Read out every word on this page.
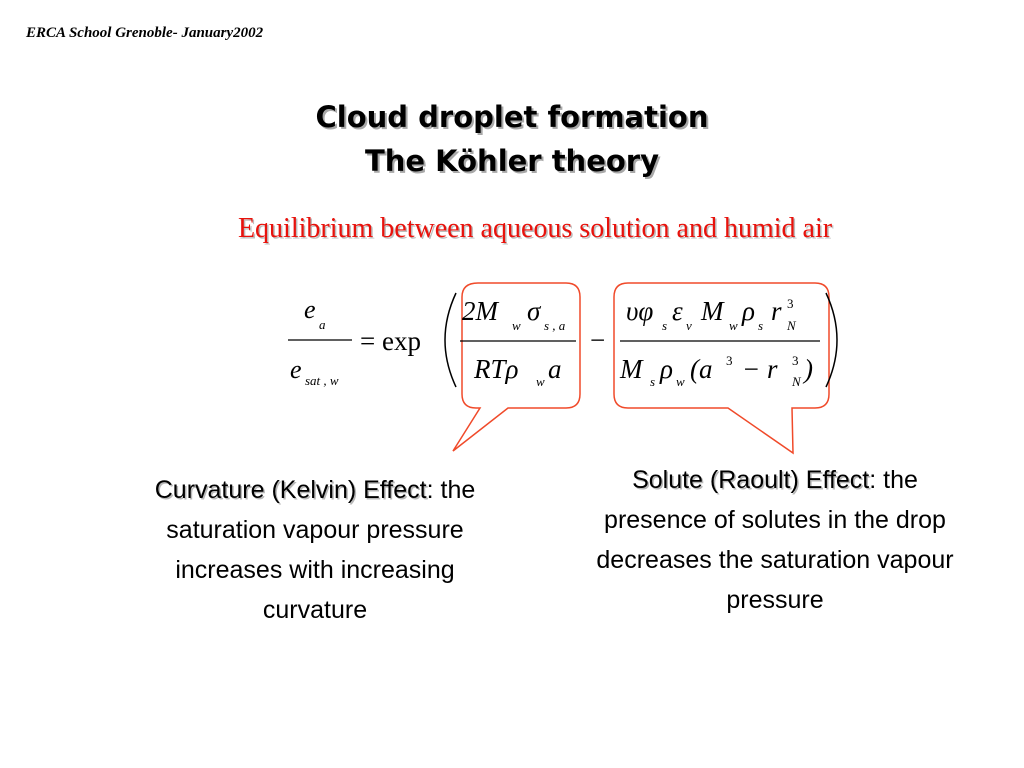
ERCA School Grenoble- January2002
Cloud droplet formation
The Köhler theory
Equilibrium between aqueous solution and humid air
e
a
e sat , w
= exp
2M w σ s , a
RTρ w a
−
υφ s ε v M w ρ s r 3
N
M s ρ w (a 3 − r 3
N )
Curvature (Kelvin) Effect: the saturation vapour pressure increases with increasing curvature
Solute (Raoult) Effect: the presence of solutes in the drop decreases the saturation vapour pressure
